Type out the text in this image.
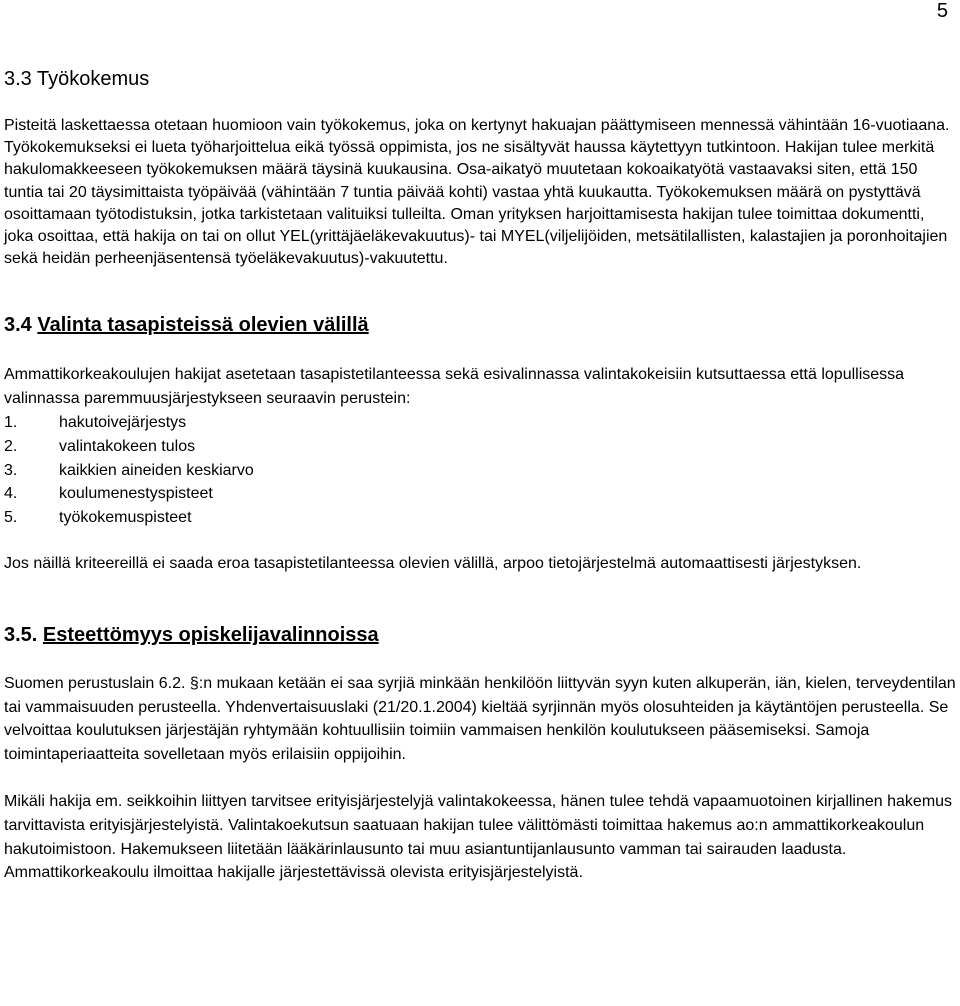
5
3.3 Työkokemus

Pisteitä laskettaessa otetaan huomioon vain työkokemus, joka on kertynyt hakuajan päättymiseen mennessä vähintään 16-vuotiaana. Työkokemukseksi ei lueta työharjoittelua eikä työssä oppimista, jos ne sisältyvät haussa käytettyyn tutkintoon. Hakijan tulee merkitä hakulomakkeeseen työkokemuksen määrä täysinä kuukausina. Osa-aikatyö muutetaan kokoaikatyötä vastaavaksi siten, että 150 tuntia tai 20 täysimittaista työpäivää (vähintään 7 tuntia päivää kohti) vastaa yhtä kuukautta. Työkokemuksen määrä on pystyttävä osoittamaan työtodistuksin, jotka tarkistetaan valituiksi tulleilta. Oman yrityksen harjoittamisesta hakijan tulee toimittaa dokumentti, joka osoittaa, että hakija on tai on ollut YEL(yrittäjäeläkevakuutus)- tai MYEL(viljelijöiden, metsätilallisten, kalastajien ja poronhoitajien sekä heidän perheenjäsentensä työeläkevakuutus)-vakuutettu.

3.4 Valinta tasapisteissä olevien välillä

Ammattikorkeakoulujen hakijat asetetaan tasapistetilanteessa sekä esivalinnassa valintakokeisiin kutsuttaessa että lopullisessa valinnassa paremmuusjärjestykseen seuraavin perustein:

1.	hakutoivejärjestys
2.	valintakokeen tulos
3.	kaikkien aineiden keskiarvo
4.	koulumenestyspisteet
5.	työkokemuspisteet

Jos näillä kriteereillä ei saada eroa tasapistetilanteessa olevien välillä, arpoo tietojärjestelmä automaattisesti järjestyksen.

3.5. Esteettömyys opiskelijavalinnoissa

Suomen perustuslain 6.2. §:n mukaan ketään ei saa syrjiä minkään henkilöön liittyvän syyn kuten alkuperän, iän, kielen, terveydentilan tai vammaisuuden perusteella. Yhdenvertaisuuslaki (21/20.1.2004) kieltää syrjinnän myös olosuhteiden ja käytäntöjen perusteella. Se velvoittaa koulutuksen järjestäjän ryhtymään kohtuullisiin toimiin vammaisen henkilön koulutukseen pääsemiseksi. Samoja toimintaperiaatteita sovelletaan myös erilaisiin oppijoihin.

Mikäli hakija em. seikkoihin liittyen tarvitsee erityisjärjestelyjä valintakokeessa, hänen tulee tehdä vapaamuotoinen kirjallinen hakemus tarvittavista erityisjärjestelyistä. Valintakoekutsun saatuaan hakijan tulee välittömästi toimittaa hakemus ao:n ammattikorkeakoulun hakutoimistoon. Hakemukseen liitetään lääkärinlausunto tai muu asiantuntijanlausunto vamman tai sairauden laadusta. Ammattikorkeakoulu ilmoittaa hakijalle järjestettävissä olevista erityisjärjestelyistä.
